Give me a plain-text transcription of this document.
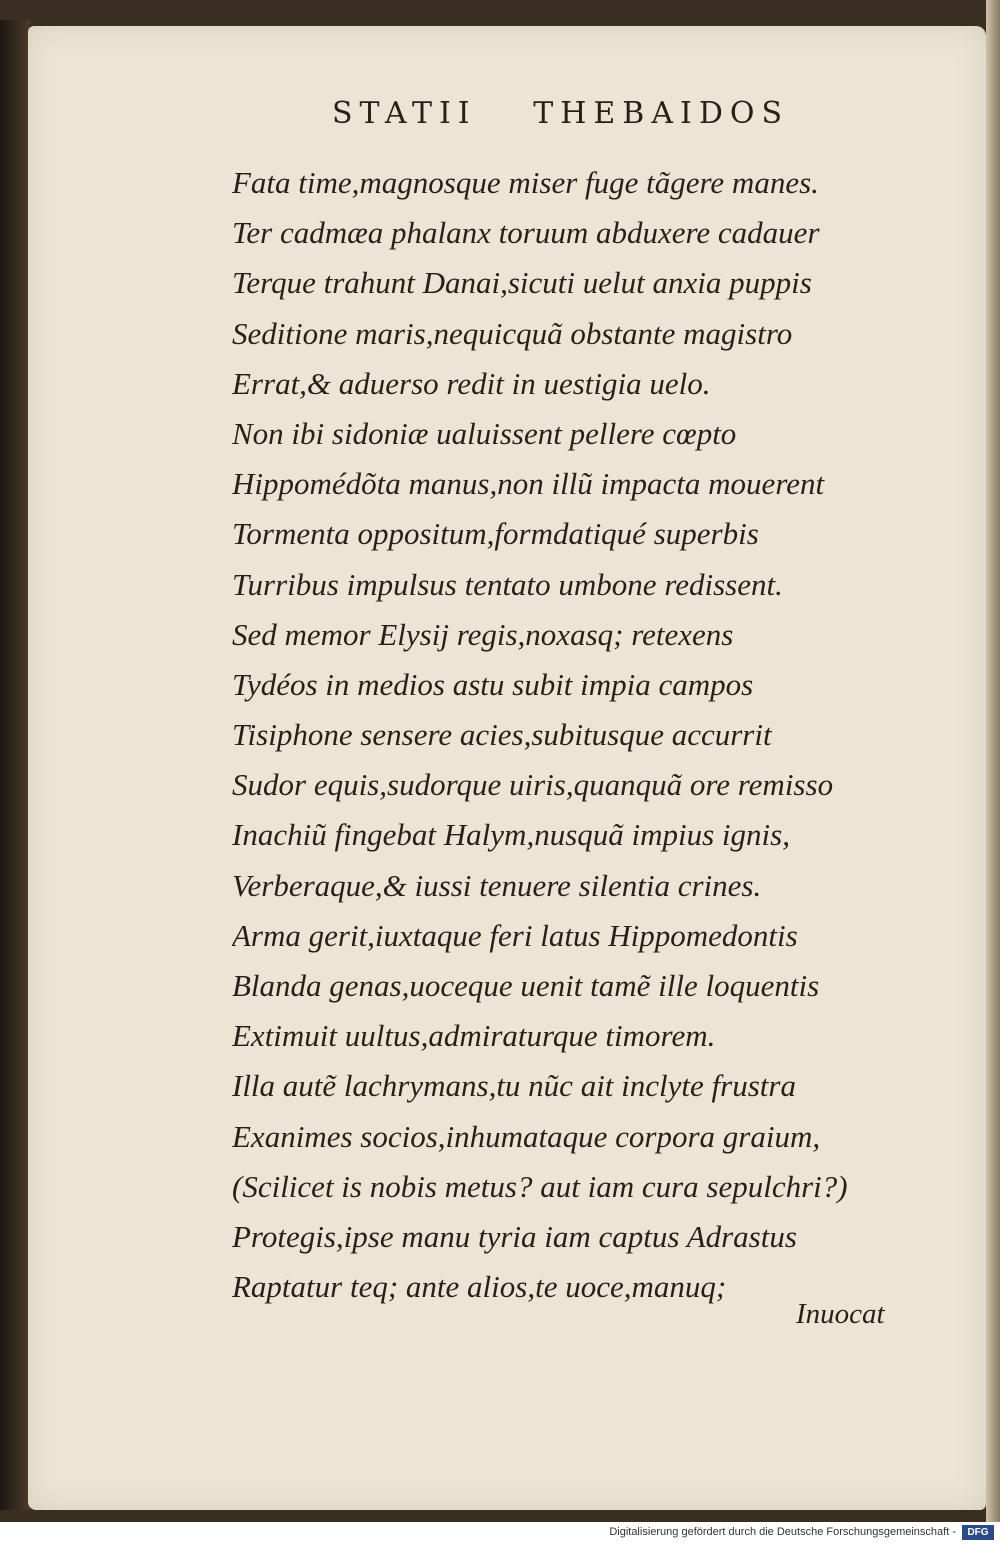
STATII THEBAIDOS
Fata time,magnosque miser fuge tãgere manes.
Ter cadmæa phalanx toruum abduxere cadauer
Terque trahunt Danai,sicuti uelut anxia puppis
Seditione maris,nequicquã obstante magistro
Errat,& aduerso redit in uestigia uelo.
Non ibi sidoniæ ualuissent pellere cœpto
Hippomédõta manus,non illũ impacta mouerent
Tormenta oppositum,formdatiqué superbis
Turribus impulsus tentato umbone redissent.
Sed memor Elysij regis,noxasq; retexens
Tydéos in medios astu subit impia campos
Tisiphone sensere acies,subitusque accurrit
Sudor equis,sudorque uiris,quanquã ore remisso
Inachiũ fingebat Halym,nusquã impius ignis,
Verberaque,& iussi tenuere silentia crines.
Arma gerit,iuxtaque feri latus Hippomedontis
Blanda genas,uoceque uenit tamẽ ille loquentis
Extimuit uultus,admiraturque timorem.
Illa autẽ lachrymans,tu nũc ait inclyte frustra
Exanimes socios,inhumataque corpora graium,
(Scilicet is nobis metus? aut iam cura sepulchri?)
Protegis,ipse manu tyria iam captus Adrastus
Raptatur teq; ante alios,te uoce,manuq;
Inuocat
Digitalisierung gefördert durch die Deutsche Forschungsgemeinschaft -	DFG
